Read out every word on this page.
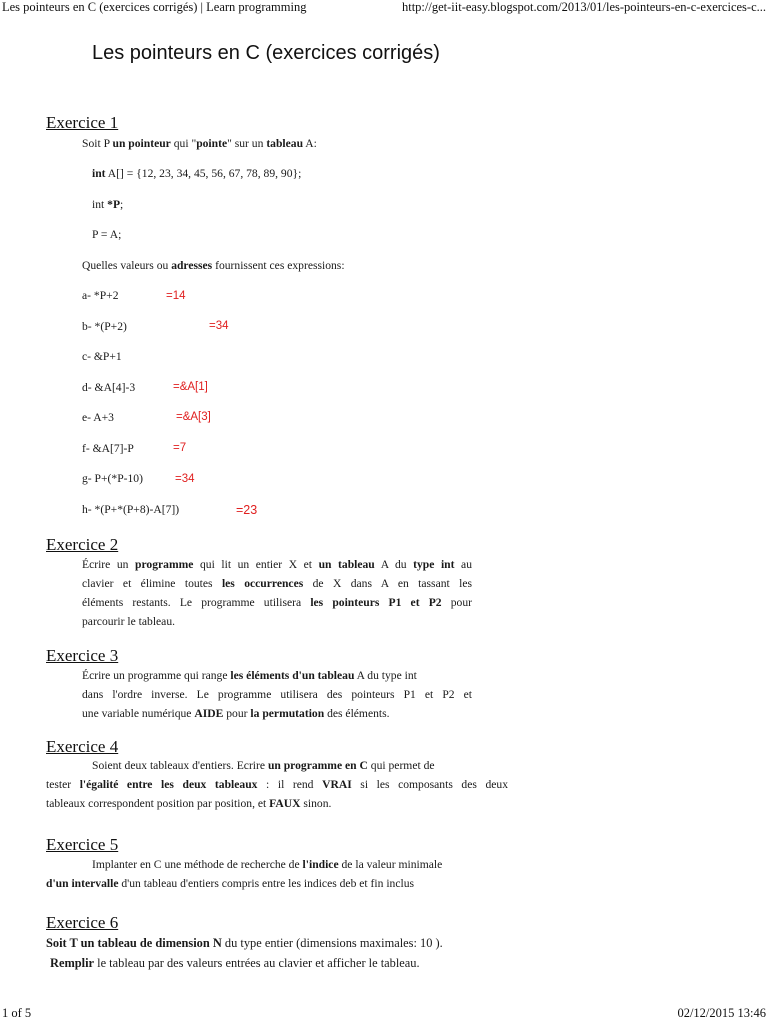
Les pointeurs en C (exercices corrigés) | Learn programming	http://get-iit-easy.blogspot.com/2013/01/les-pointeurs-en-c-exercices-c...
Les pointeurs en C (exercices corrigés)
Exercice 1
Soit P un pointeur qui "pointe" sur un tableau A:
int A[] = {12, 23, 34, 45, 56, 67, 78, 89, 90};
int *P;
P = A;
Quelles valeurs ou adresses fournissent ces expressions:
a- *P+2	=14
b- *(P+2)	=34
c- &P+1
d- &A[4]-3	=&A[1]
e- A+3	=&A[3]
f- &A[7]-P	=7
g- P+(*P-10)	=34
h- *(P+*(P+8)-A[7])	=23
Exercice 2
Écrire un programme qui lit un entier X et un tableau A du type int au
clavier et élimine toutes les occurrences de X dans A en tassant les
éléments restants. Le programme utilisera les pointeurs P1 et P2 pour
parcourir le tableau.
Exercice 3
Écrire un programme qui range les éléments d'un tableau A du type int
dans l'ordre inverse. Le programme utilisera des pointeurs P1 et P2 et
une variable numérique AIDE pour la permutation des éléments.
Exercice 4
Soient deux tableaux d'entiers. Ecrire un programme en C qui permet de
tester l'égalité entre les deux tableaux : il rend VRAI si les composants des deux
tableaux correspondent position par position, et FAUX sinon.
Exercice 5
Implanter en C une méthode de recherche de l'indice de la valeur minimale
d'un intervalle d'un tableau d'entiers compris entre les indices deb et fin inclus
Exercice 6
Soit T un tableau de dimension N du type entier (dimensions maximales: 10 ).
Remplir le tableau par des valeurs entrées au clavier et afficher le tableau.
1 of 5	02/12/2015 13:46
